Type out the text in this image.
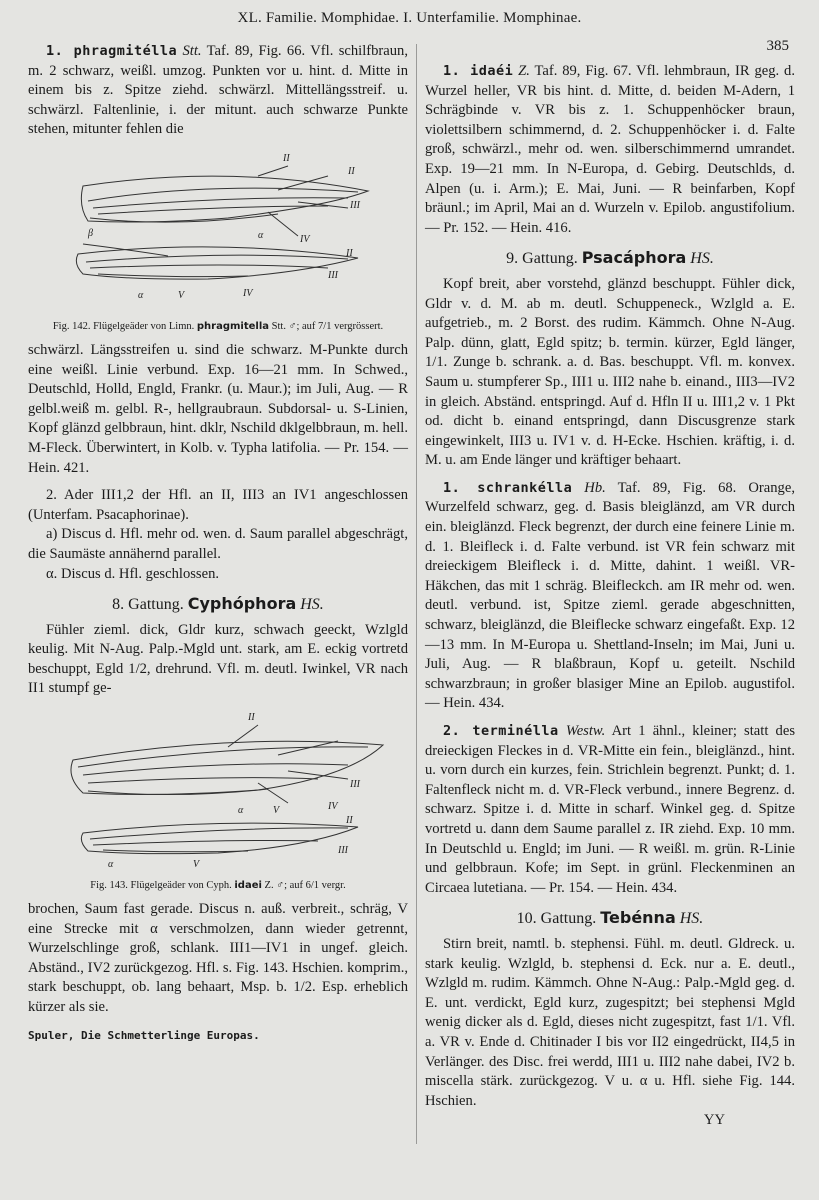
XL. Familie. Momphidae. I. Unterfamilie. Momphinae.
385

1. phragmitélla Stt. Taf. 89, Fig. 66. Vfl. schilfbraun, m. 2 schwarz, weißl. umzog. Punkten vor u. hint. d. Mitte in einem bis z. Spitze ziehd. schwärzl. Mittellängsstreif. u. schwärzl. Faltenlinie, i. der mitunt. auch schwarze Punkte stehen, mitunter fehlen die

II
II
III
IV
α
β
II
III
α	V	IV
Fig. 142. Flügelgeäder von Limn. phragmitella Stt. ♂; auf 7/1 vergrössert.

schwärzl. Längsstreifen u. sind die schwarz. M-Punkte durch eine weißl. Linie verbund. Exp. 16—21 mm. In Schwed., Deutschld, Holld, Engld, Frankr. (u. Maur.); im Juli, Aug. — R gelbl.weiß m. gelbl. R-, hellgraubraun. Subdorsal- u. S-Linien, Kopf glänzd gelbbraun, hint. dklr, Nschild dklgelbbraun, m. hell. M-Fleck. Überwintert, in Kolb. v. Typha latifolia. — Pr. 154. — Hein. 421.

2. Ader III1,2 der Hfl. an II, III3 an IV1 angeschlossen (Unterfam. Psacaphorinae).

a) Discus d. Hfl. mehr od. wen. d. Saum parallel abgeschrägt, die Saumäste annähernd parallel.

α. Discus d. Hfl. geschlossen.

8. Gattung. Cyphóphora HS.

Fühler zieml. dick, Gldr kurz, schwach geeckt, Wzlgld keulig. Mit N-Aug. Palp.-Mgld unt. stark, am E. eckig vortretd beschuppt, Egld 1/2, drehrund. Vfl. m. deutl. Iwinkel, VR nach II1 stumpf ge-

II
III
IV
α	V
II
III
α	V
Fig. 143. Flügelgeäder von Cyph. idaei Z. ♂; auf 6/1 vergr.

brochen, Saum fast gerade. Discus n. auß. verbreit., schräg, V eine Strecke mit α verschmolzen, dann wieder getrennt, Wurzelschlinge groß, schlank. III1—IV1 in ungef. gleich. Abständ., IV2 zurückgezog. Hfl. s. Fig. 143. Hschien. komprim., stark beschuppt, ob. lang behaart, Msp. b. 1/2. Esp. erheblich kürzer als sie.

Spuler, Die Schmetterlinge Europas.

1. idaéi Z. Taf. 89, Fig. 67. Vfl. lehmbraun, IR geg. d. Wurzel heller, VR bis hint. d. Mitte, d. beiden M-Adern, 1 Schrägbinde v. VR bis z. 1. Schuppenhöcker braun, violettsilbern schimmernd, d. 2. Schuppenhöcker i. d. Falte groß, schwärzl., mehr od. wen. silberschimmernd umrandet. Exp. 19—21 mm. In N-Europa, d. Gebirg. Deutschlds, d. Alpen (u. i. Arm.); E. Mai, Juni. — R beinfarben, Kopf bräunl.; im April, Mai an d. Wurzeln v. Epilob. angustifolium. — Pr. 152. — Hein. 416.

9. Gattung. Psacáphora HS.

Kopf breit, aber vorstehd, glänzd beschuppt. Fühler dick, Gldr v. d. M. ab m. deutl. Schuppeneck., Wzlgld a. E. aufgetrieb., m. 2 Borst. des rudim. Kämmch. Ohne N-Aug. Palp. dünn, glatt, Egld spitz; b. termin. kürzer, Egld länger, 1/1. Zunge b. schrank. a. d. Bas. beschuppt. Vfl. m. konvex. Saum u. stumpferer Sp., III1 u. III2 nahe b. einand., III3—IV2 in gleich. Abständ. entspringd. Auf d. Hfln II u. III1,2 v. 1 Pkt od. dicht b. einand entspringd, dann Discusgrenze stark eingewinkelt, III3 u. IV1 v. d. H-Ecke. Hschien. kräftig, i. d. M. u. am Ende länger und kräftiger behaart.

1. schrankélla Hb. Taf. 89, Fig. 68. Orange, Wurzelfeld schwarz, geg. d. Basis bleiglänzd, am VR durch ein. bleiglänzd. Fleck begrenzt, der durch eine feinere Linie m. d. 1. Bleifleck i. d. Falte verbund. ist VR fein schwarz mit dreieckigem Bleifleck i. d. Mitte, dahint. 1 weißl. VR-Häkchen, das mit 1 schräg. Bleifleckch. am IR mehr od. wen. deutl. verbund. ist, Spitze zieml. gerade abgeschnitten, schwarz, bleiglänzd, die Bleiflecke schwarz eingefaßt. Exp. 12—13 mm. In M-Europa u. Shettland-Inseln; im Mai, Juni u. Juli, Aug. — R blaßbraun, Kopf u. geteilt. Nschild schwarzbraun; in großer blasiger Mine an Epilob. augustifol. — Hein. 434.

2. terminélla Westw. Art 1 ähnl., kleiner; statt des dreieckigen Fleckes in d. VR-Mitte ein fein., bleiglänzd., hint. u. vorn durch ein kurzes, fein. Strichlein begrenzt. Punkt; d. 1. Faltenfleck nicht m. d. VR-Fleck verbund., innere Begrenz. d. schwarz. Spitze i. d. Mitte in scharf. Winkel geg. d. Spitze vortretd u. dann dem Saume parallel z. IR ziehd. Exp. 10 mm. In Deutschld u. Engld; im Juni. — R weißl. m. grün. R-Linie und gelbbraun. Kofe; im Sept. in grünl. Fleckenminen an Circaea lutetiana. — Pr. 154. — Hein. 434.

10. Gattung. Tebénna HS.

Stirn breit, namtl. b. stephensi. Fühl. m. deutl. Gldreck. u. stark keulig. Wzlgld, b. stephensi d. Eck. nur a. E. deutl., Wzlgld m. rudim. Kämmch. Ohne N-Aug.: Palp.-Mgld geg. d. E. unt. verdickt, Egld kurz, zugespitzt; bei stephensi Mgld wenig dicker als d. Egld, dieses nicht zugespitzt, fast 1/1. Vfl. a. VR v. Ende d. Chitinader I bis vor II2 eingedrückt, II4,5 in Verlänger. des Disc. frei werdd, III1 u. III2 nahe dabei, IV2 b. miscella stärk. zurückgezog. V u. α u. Hfl. siehe Fig. 144. Hschien.

YY
